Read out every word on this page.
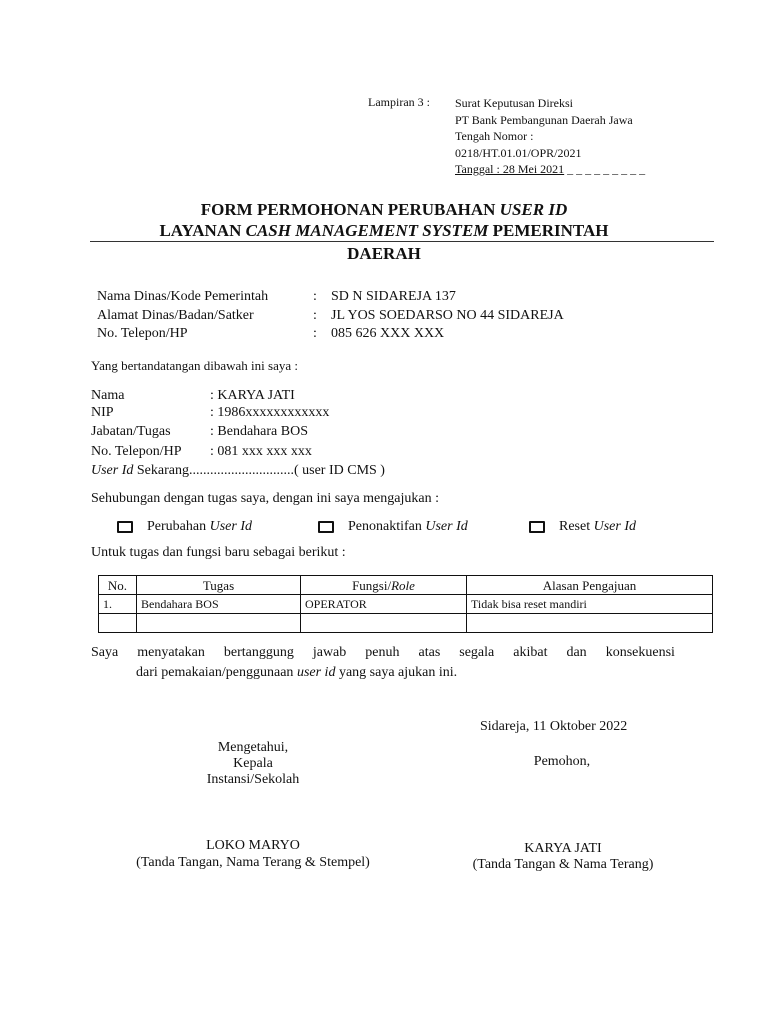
Lampiran 3 : Surat Keputusan Direksi
PT Bank Pembangunan Daerah Jawa
Tengah Nomor :
0218/HT.01.01/OPR/2021
Tanggal : 28 Mei 2021 _ _ _ _ _ _ _ _ _
FORM PERMOHONAN PERUBAHAN USER ID
LAYANAN CASH MANAGEMENT SYSTEM PEMERINTAH
DAERAH
Nama Dinas/Kode Pemerintah	: SD N SIDAREJA 137
Alamat Dinas/Badan/Satker	: JL YOS SOEDARSO NO 44 SIDAREJA
No. Telepon/HP	: 085 626 XXX XXX
Yang bertandatangan dibawah ini saya :
Nama	: KARYA JATI
NIP	: 1986xxxxxxxxxxxx
Jabatan/Tugas	: Bendahara BOS
No. Telepon/HP : 081 xxx xxx xxx
User Id Sekarang..............................( user ID CMS )
Sehubungan dengan tugas saya, dengan ini saya mengajukan :
Perubahan
User Id	Penonaktifan
User Id	Reset
User Id
Untuk tugas dan fungsi baru sebagai berikut :
No.	Tugas	Fungsi/Role	Alasan Pengajuan
1.	Bendahara BOS	OPERATOR	Tidak bisa reset mandiri

Saya menyatakan bertanggung jawab penuh atas segala akibat dan konsekuensi
dari pemakaian/penggunaan user id yang saya ajukan ini.
Sidareja, 11 Oktober 2022
Mengetahui,
Kepala
Instansi/Sekolah
Pemohon,
LOKO MARYO
(Tanda Tangan, Nama Terang & Stempel)
KARYA JATI
(Tanda Tangan & Nama Terang)
